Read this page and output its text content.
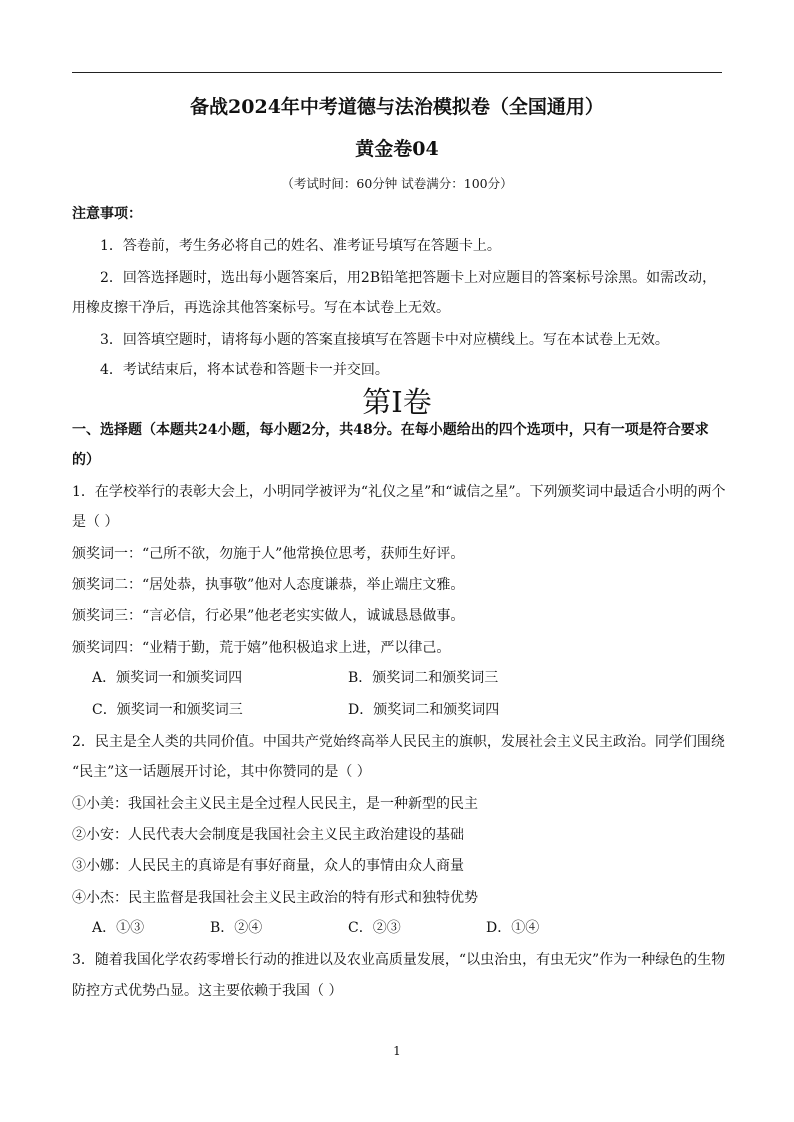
备战2024年中考道德与法治模拟卷（全国通用）
黄金卷04
（考试时间：60分钟 试卷满分：100分）
注意事项：
1．答卷前，考生务必将自己的姓名、准考证号填写在答题卡上。
2．回答选择题时，选出每小题答案后，用2B铅笔把答题卡上对应题目的答案标号涂黑。如需改动，
用橡皮擦干净后，再选涂其他答案标号。写在本试卷上无效。
3．回答填空题时，请将每小题的答案直接填写在答题卡中对应横线上。写在本试卷上无效。
4．考试结束后，将本试卷和答题卡一并交回。
第Ⅰ卷
一、选择题（本题共24小题，每小题2分，共48分。在每小题给出的四个选项中，只有一项是符合要求
的）
1．在学校举行的表彰大会上，小明同学被评为“礼仪之星”和“诚信之星”。下列颁奖词中最适合小明的两个
是（ ）
颁奖词一：“己所不欲，勿施于人”他常换位思考，获师生好评。
颁奖词二：“居处恭，执事敬”他对人态度谦恭，举止端庄文雅。
颁奖词三：“言必信，行必果”他老老实实做人，诚诚恳恳做事。
颁奖词四：“业精于勤，荒于嬉”他积极追求上进，严以律己。
A．颁奖词一和颁奖词四	B．颁奖词二和颁奖词三
C．颁奖词一和颁奖词三	D．颁奖词二和颁奖词四
2．民主是全人类的共同价值。中国共产党始终高举人民民主的旗帜，发展社会主义民主政治。同学们围绕
“民主”这一话题展开讨论，其中你赞同的是（ ）
①小美：我国社会主义民主是全过程人民民主，是一种新型的民主
②小安：人民代表大会制度是我国社会主义民主政治建设的基础
③小娜：人民民主的真谛是有事好商量，众人的事情由众人商量
④小杰：民主监督是我国社会主义民主政治的特有形式和独特优势
A．①③	B．②④	C．②③	D．①④
3．随着我国化学农药零增长行动的推进以及农业高质量发展，“以虫治虫，有虫无灾”作为一种绿色的生物
防控方式优势凸显。这主要依赖于我国（ ）
1
